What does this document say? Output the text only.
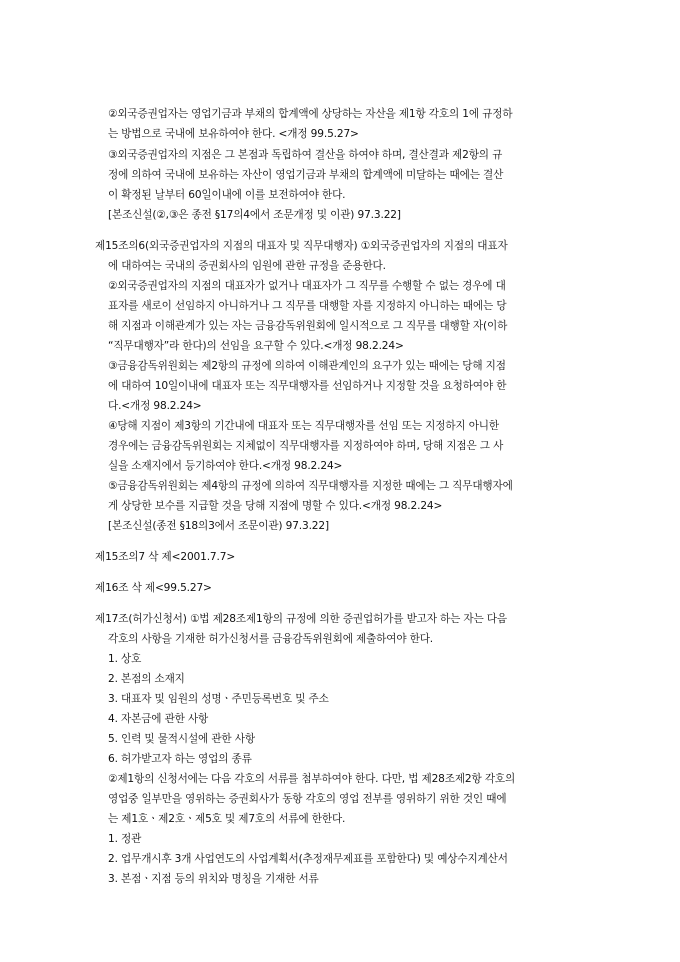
②외국증권업자는 영업기금과 부채의 합계액에 상당하는 자산을 제1항 각호의 1에 규정하
는 방법으로 국내에 보유하여야 한다. <개정 99.5.27>
③외국증권업자의 지점은 그 본점과 독립하여 결산을 하여야 하며, 결산결과 제2항의 규
정에 의하여 국내에 보유하는 자산이 영업기금과 부채의 합계액에 미달하는 때에는 결산
이 확정된 날부터 60일이내에 이를 보전하여야 한다.
[본조신설(②,③은 종전 §17의4에서 조문개정 및 이관) 97.3.22]
제15조의6(외국증권업자의 지점의 대표자 및 직무대행자) ①외국증권업자의 지점의 대표자
에 대하여는 국내의 증권회사의 임원에 관한 규정을 준용한다.
②외국증권업자의 지점의 대표자가 없거나 대표자가 그 직무를 수행할 수 없는 경우에 대
표자를 새로이 선임하지 아니하거나 그 직무를 대행할 자를 지정하지 아니하는 때에는 당
해 지점과 이해관계가 있는 자는 금융감독위원회에 일시적으로 그 직무를 대행할 자(이하
“직무대행자”라 한다)의 선임을 요구할 수 있다.<개정 98.2.24>
③금융감독위원회는 제2항의 규정에 의하여 이해관계인의 요구가 있는 때에는 당해 지점
에 대하여 10일이내에 대표자 또는 직무대행자를 선임하거나 지정할 것을 요청하여야 한
다.<개정 98.2.24>
④당해 지점이 제3항의 기간내에 대표자 또는 직무대행자를 선임 또는 지정하지 아니한
경우에는 금융감독위원회는 지체없이 직무대행자를 지정하여야 하며, 당해 지점은 그 사
실을 소재지에서 등기하여야 한다.<개정 98.2.24>
⑤금융감독위원회는 제4항의 규정에 의하여 직무대행자를 지정한 때에는 그 직무대행자에
게 상당한 보수를 지급할 것을 당해 지점에 명할 수 있다.<개정 98.2.24>
[본조신설(종전 §18의3에서 조문이관) 97.3.22]
제15조의7 삭 제<2001.7.7>
제16조 삭 제<99.5.27>
제17조(허가신청서) ①법 제28조제1항의 규정에 의한 증권업허가를 받고자 하는 자는 다음
각호의 사항을 기재한 허가신청서를 금융감독위원회에 제출하여야 한다.
1. 상호
2. 본점의 소재지
3. 대표자 및 임원의 성명ㆍ주민등록번호 및 주소
4. 자본금에 관한 사항
5. 인력 및 물적시설에 관한 사항
6. 허가받고자 하는 영업의 종류
②제1항의 신청서에는 다음 각호의 서류를 첨부하여야 한다. 다만, 법 제28조제2항 각호의
영업중 일부만을 영위하는 증권회사가 동항 각호의 영업 전부를 영위하기 위한 것인 때에
는 제1호ㆍ제2호ㆍ제5호 및 제7호의 서류에 한한다.
1. 정관
2. 업무개시후 3개 사업연도의 사업계획서(추정재무제표를 포함한다) 및 예상수지계산서
3. 본점ㆍ지점 등의 위치와 명칭을 기재한 서류
